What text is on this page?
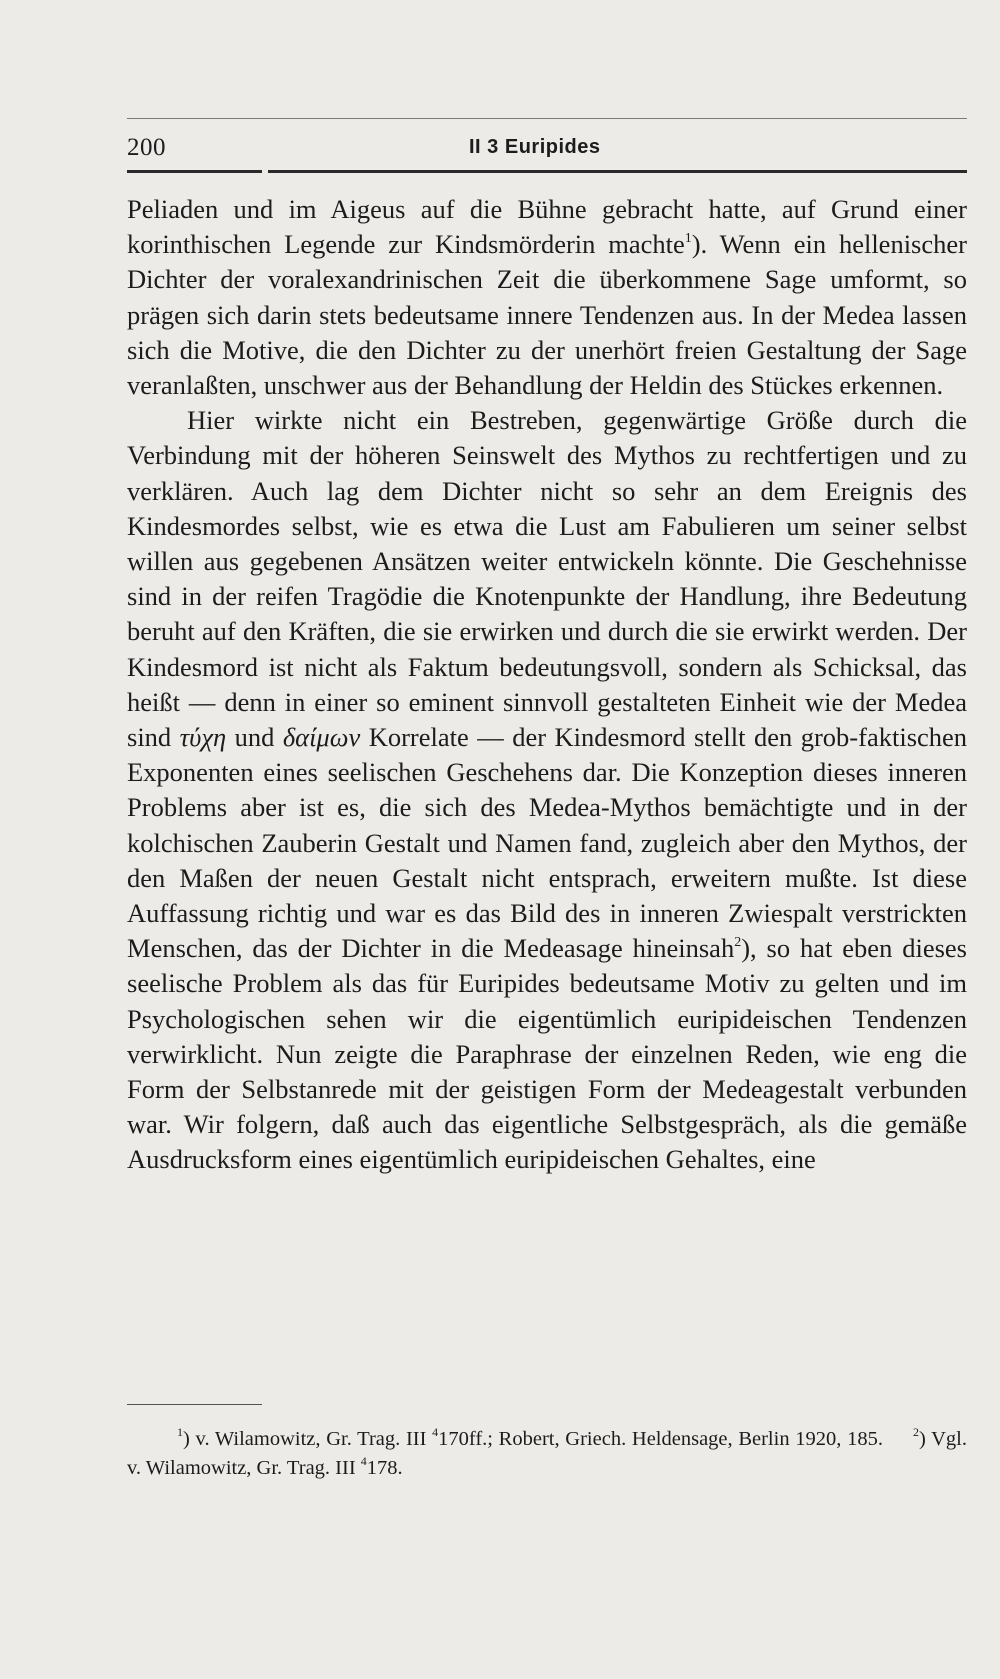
200	II 3 Euripides

Peliaden und im Aigeus auf die Bühne gebracht hatte, auf Grund einer korinthischen Legende zur Kindsmörderin machte$^1$). Wenn ein hellenischer Dichter der voralexandrinischen Zeit die überkommene Sage umformt, so prägen sich darin stets bedeutsame innere Tendenzen aus. In der Medea lassen sich die Motive, die den Dichter zu der unerhört freien Gestaltung der Sage veranlaßten, unschwer aus der Behandlung der Heldin des Stückes erkennen.

Hier wirkte nicht ein Bestreben, gegenwärtige Größe durch die Verbindung mit der höheren Seinswelt des Mythos zu rechtfertigen und zu verklären. Auch lag dem Dichter nicht so sehr an dem Ereignis des Kindesmordes selbst, wie es etwa die Lust am Fabulieren um seiner selbst willen aus gegebenen Ansätzen weiter entwickeln könnte. Die Geschehnisse sind in der reifen Tragödie die Knotenpunkte der Handlung, ihre Bedeutung beruht auf den Kräften, die sie erwirken und durch die sie erwirkt werden. Der Kindesmord ist nicht als Faktum bedeutungsvoll, sondern als Schicksal, das heißt — denn in einer so eminent sinnvoll gestalteten Einheit wie der Medea sind τύχη und δαίμων Korrelate — der Kindesmord stellt den grob-faktischen Exponenten eines seelischen Geschehens dar. Die Konzeption dieses inneren Problems aber ist es, die sich des Medea-Mythos bemächtigte und in der kolchischen Zauberin Gestalt und Namen fand, zugleich aber den Mythos, der den Maßen der neuen Gestalt nicht entsprach, erweitern mußte. Ist diese Auffassung richtig und war es das Bild des in inneren Zwiespalt verstrickten Menschen, das der Dichter in die Medeasage hineinsah$^2$), so hat eben dieses seelische Problem als das für Euripides bedeutsame Motiv zu gelten und im Psychologischen sehen wir die eigentümlich euripideischen Tendenzen verwirklicht. Nun zeigte die Paraphrase der einzelnen Reden, wie eng die Form der Selbstanrede mit der geistigen Form der Medeagestalt verbunden war. Wir folgern, daß auch das eigentliche Selbstgespräch, als die gemäße Ausdrucksform eines eigentümlich euripideischen Gehaltes, eine

$^1$) v. Wilamowitz, Gr. Trag. III $^4$170ff.; Robert, Griech. Heldensage, Berlin 1920, 185.	$^2$) Vgl. v. Wilamowitz, Gr. Trag. III $^4$178.
